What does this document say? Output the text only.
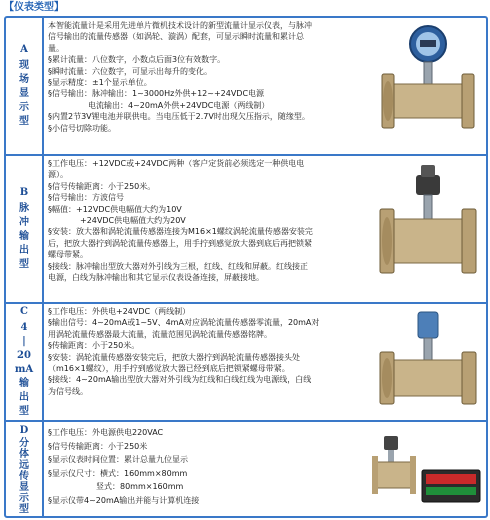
【仪表类型】
A
现
场
显
示
型
本智能流量计是采用先进单片微机技术设计的新型流量计显示仪表，与脉冲
信号输出的流量传感器（如涡轮、漩涡）配套，可显示瞬时流量和累计总
量。
§累计流量：八位数字，小数点后面3位有效数字。
§瞬时流量：六位数字，可显示出每升的变化。
§显示精度：±1个显示单位。
§信号输出：脉冲输出：1~3000Hz外供+12~+24VDC电源
　　　　　电流输出：4~20mA外供+24VDC电源（两线制）
§内置2节3V锂电池并联供电。当电压低于2.7V时出现欠压指示，随缘型。
§小信号切除功能。
B
脉
冲
输
出
型
§工作电压：+12VDC或+24VDC两种（客户定货前必须选定一种供电电
源）。
§信号传输距离：小于250米。
§信号输出：方波信号
§幅值：+12VDC供电幅值大约为10V
　　　　+24VDC供电幅值大约为20V
§安装：放大器和涡轮流量传感器连接为M16×1螺纹涡轮流量传感器安装完
后，把放大器拧到涡轮流量传感器上，用手拧到感觉放大器到底后再把锁紧
螺母带紧。
§接线：脉冲输出型放大器对外引线为三根，红线、红线和屏蔽。红线接正
电源，白线为脉冲输出和其它显示仪表设备连接，屏蔽接地。
C
4
|
20
mA
输
出
型
§工作电压：外供电+24VDC（两线制）
§输出信号：4~20mA或1~5V、4mA对应涡轮流量传感器零流量，20mA对
用涡轮流量传感器最大流量，流量范围见涡轮流量传感器铭牌。
§传输距离：小于250米。
§安装：涡轮流量传感器安装完后，把放大器拧到涡轮流量传感器接头处
（m16×1螺纹），用手拧到感觉放大器已经到底后把锁紧螺母带紧。
§接线：4~20mA输出型放大器对外引线为红线和白线红线为电源线，白线
为信号线。
D
分
体
远
传
显
示
型
§工作电压：外电源供电220VAC
§信号传输距离：小于250米
§显示仪表时间位置：累计总量九位显示
§显示仪尺寸：横式：160mm×80mm
　　　　　　竖式：80mm×160mm
§显示仪带4~20mA输出并能与计算机连接
